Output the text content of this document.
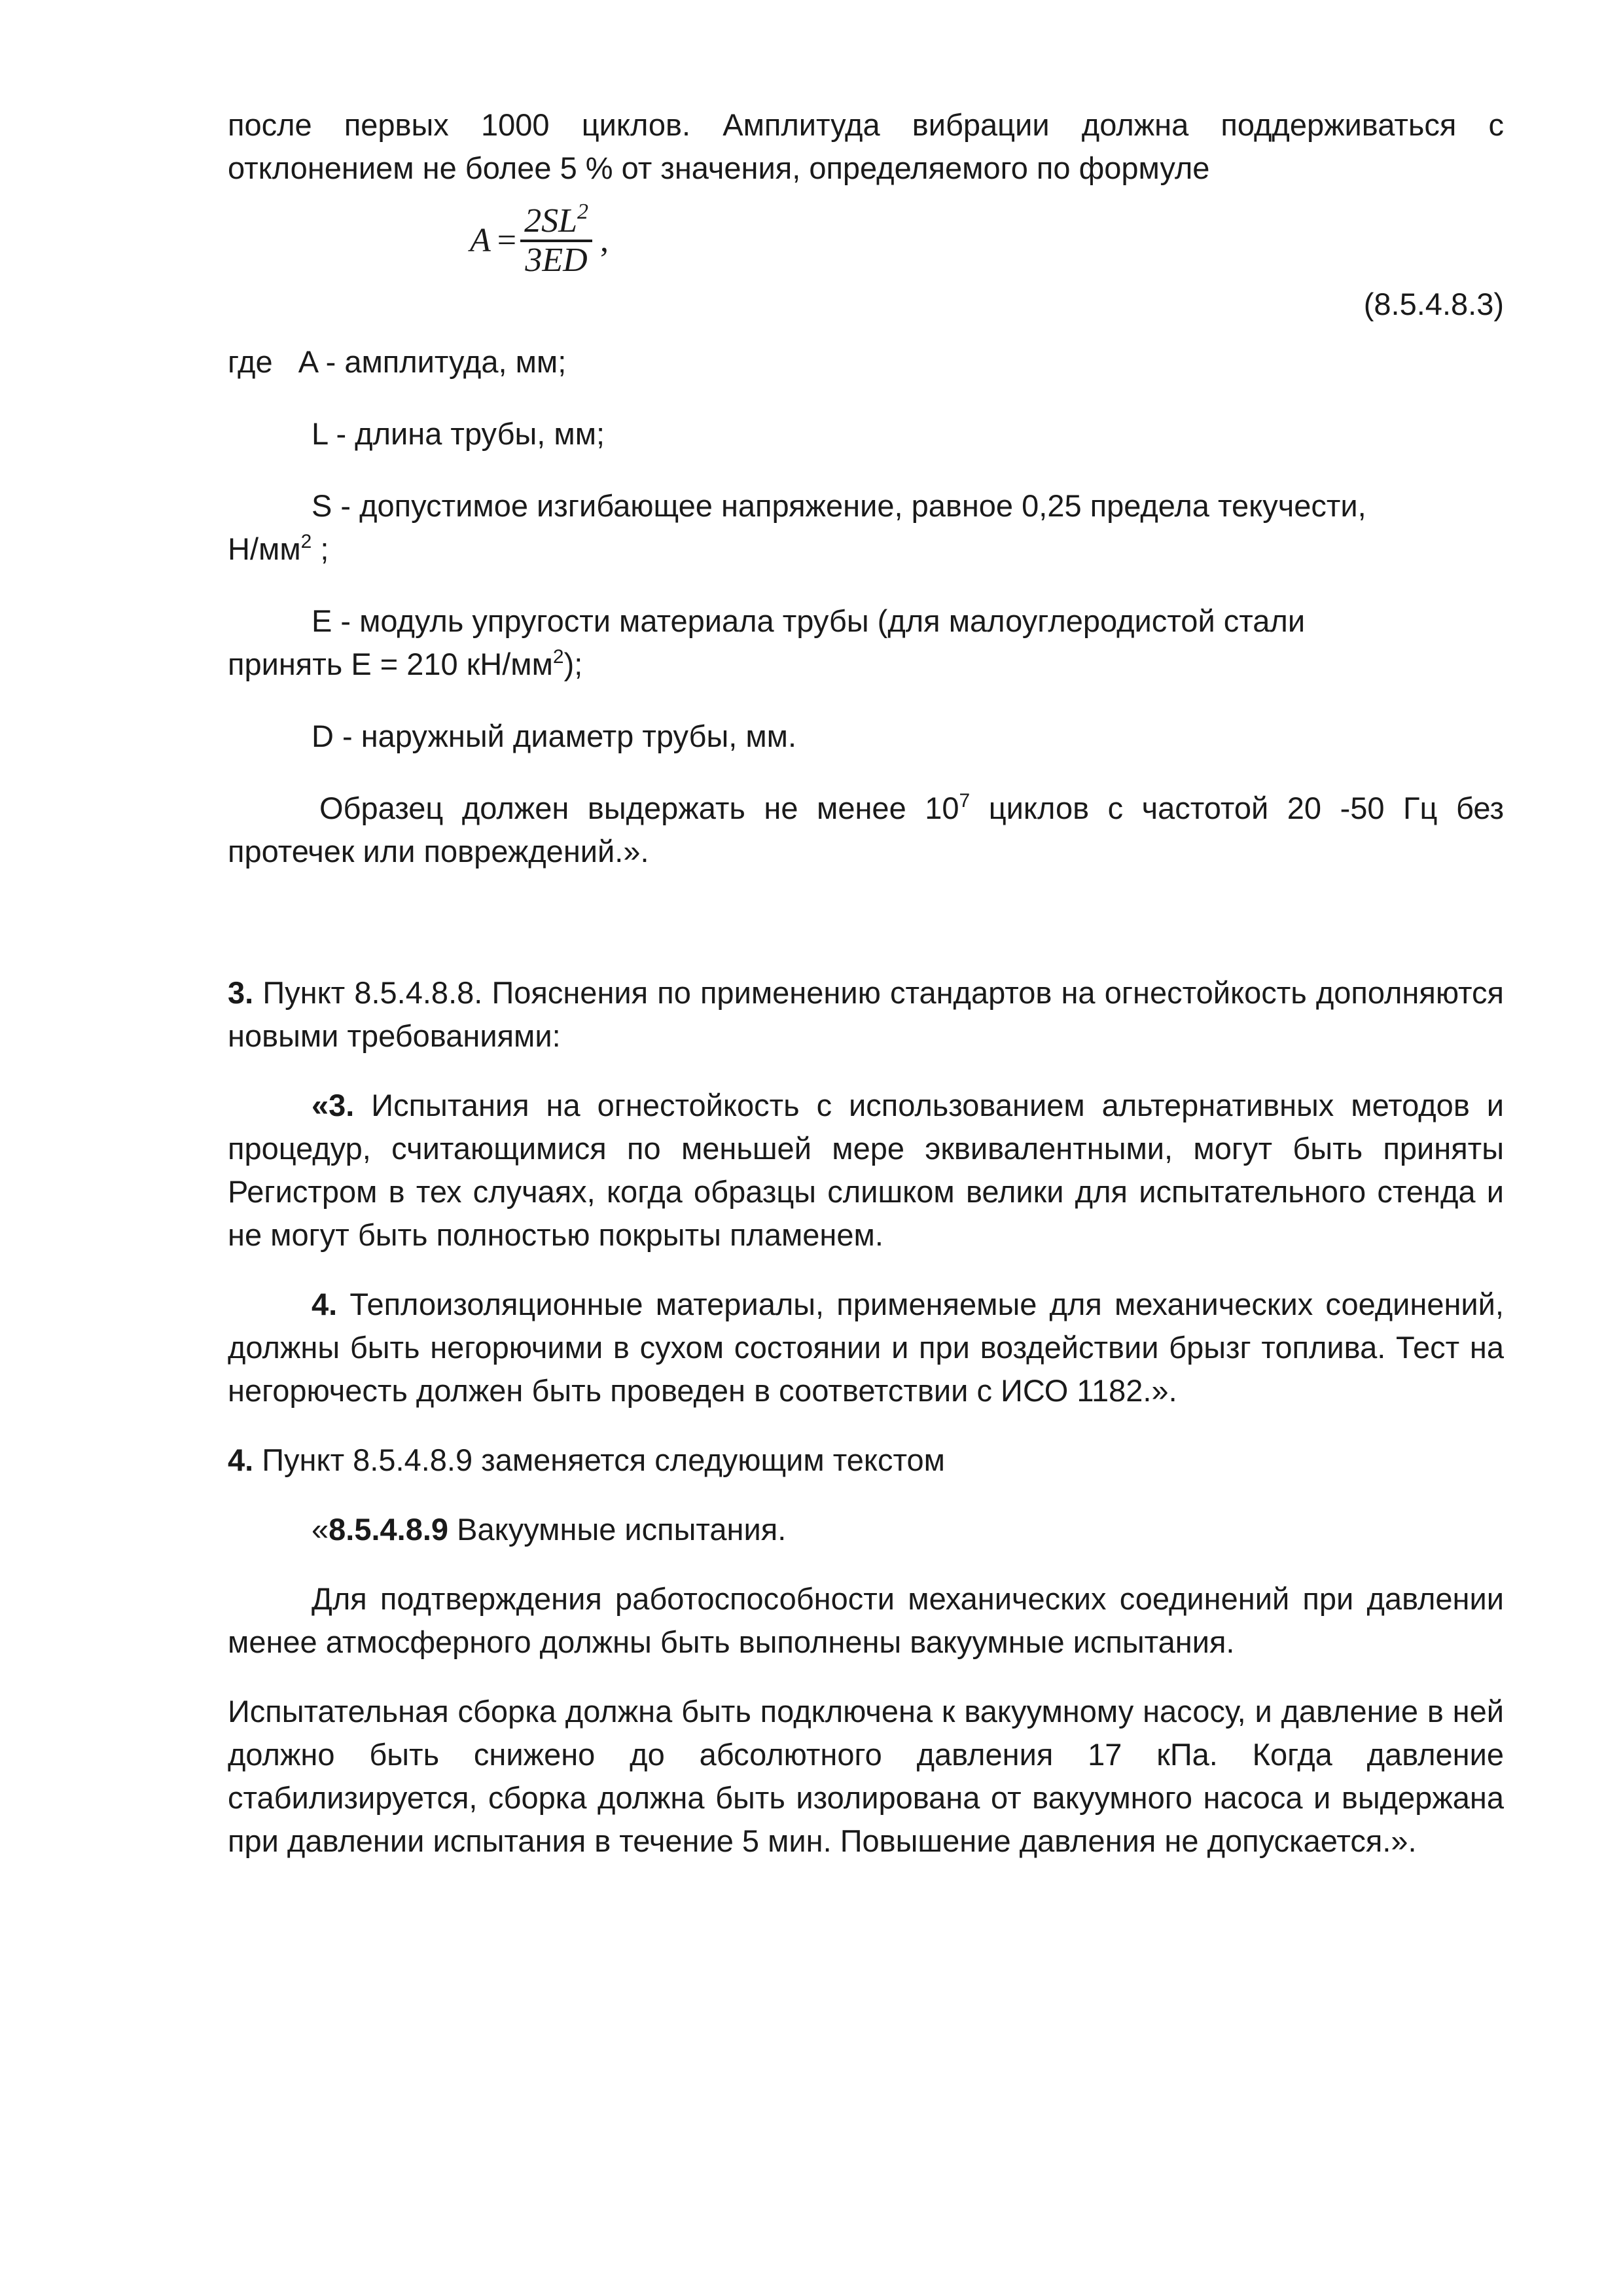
после первых 1000 циклов. Амплитуда вибрации должна поддерживаться с

отклонением не более 5 % от значения, определяемого по формуле

$A = \frac{2SL^2}{3ED}$ ,
(8.5.4.8.3)

где A - амплитуда, мм;

L - длина трубы, мм;

S - допустимое изгибающее напряжение, равное 0,25 предела текучести,
$Н/мм^2$ ;

E - модуль упругости материала трубы (для малоуглеродистой стали
принять E = 210 $кН/мм^2$);

D - наружный диаметр трубы, мм.

Образец должен выдержать не менее $10^7$ циклов с частотой 20 -50 Гц без протечек или повреждений.».

3. Пункт 8.5.4.8.8. Пояснения по применению стандартов на огнестойкость дополняются новыми требованиями:

«3. Испытания на огнестойкость с использованием альтернативных методов и процедур, считающимися по меньшей мере эквивалентными, могут быть приняты Регистром в тех случаях, когда образцы слишком велики для испытательного стенда и не могут быть полностью покрыты пламенем.

4. Теплоизоляционные материалы, применяемые для механических соединений, должны быть негорючими в сухом состоянии и при воздействии брызг топлива. Тест на негорючесть должен быть проведен в соответствии с ИСО 1182.».

4. Пункт 8.5.4.8.9 заменяется следующим текстом

«8.5.4.8.9 Вакуумные испытания.

Для подтверждения работоспособности механических соединений при давлении менее атмосферного должны быть выполнены вакуумные испытания.

Испытательная сборка должна быть подключена к вакуумному насосу, и давление в ней должно быть снижено до абсолютного давления 17 кПа. Когда давление стабилизируется, сборка должна быть изолирована от вакуумного насоса и выдержана при давлении испытания в течение 5 мин. Повышение давления не допускается.».
